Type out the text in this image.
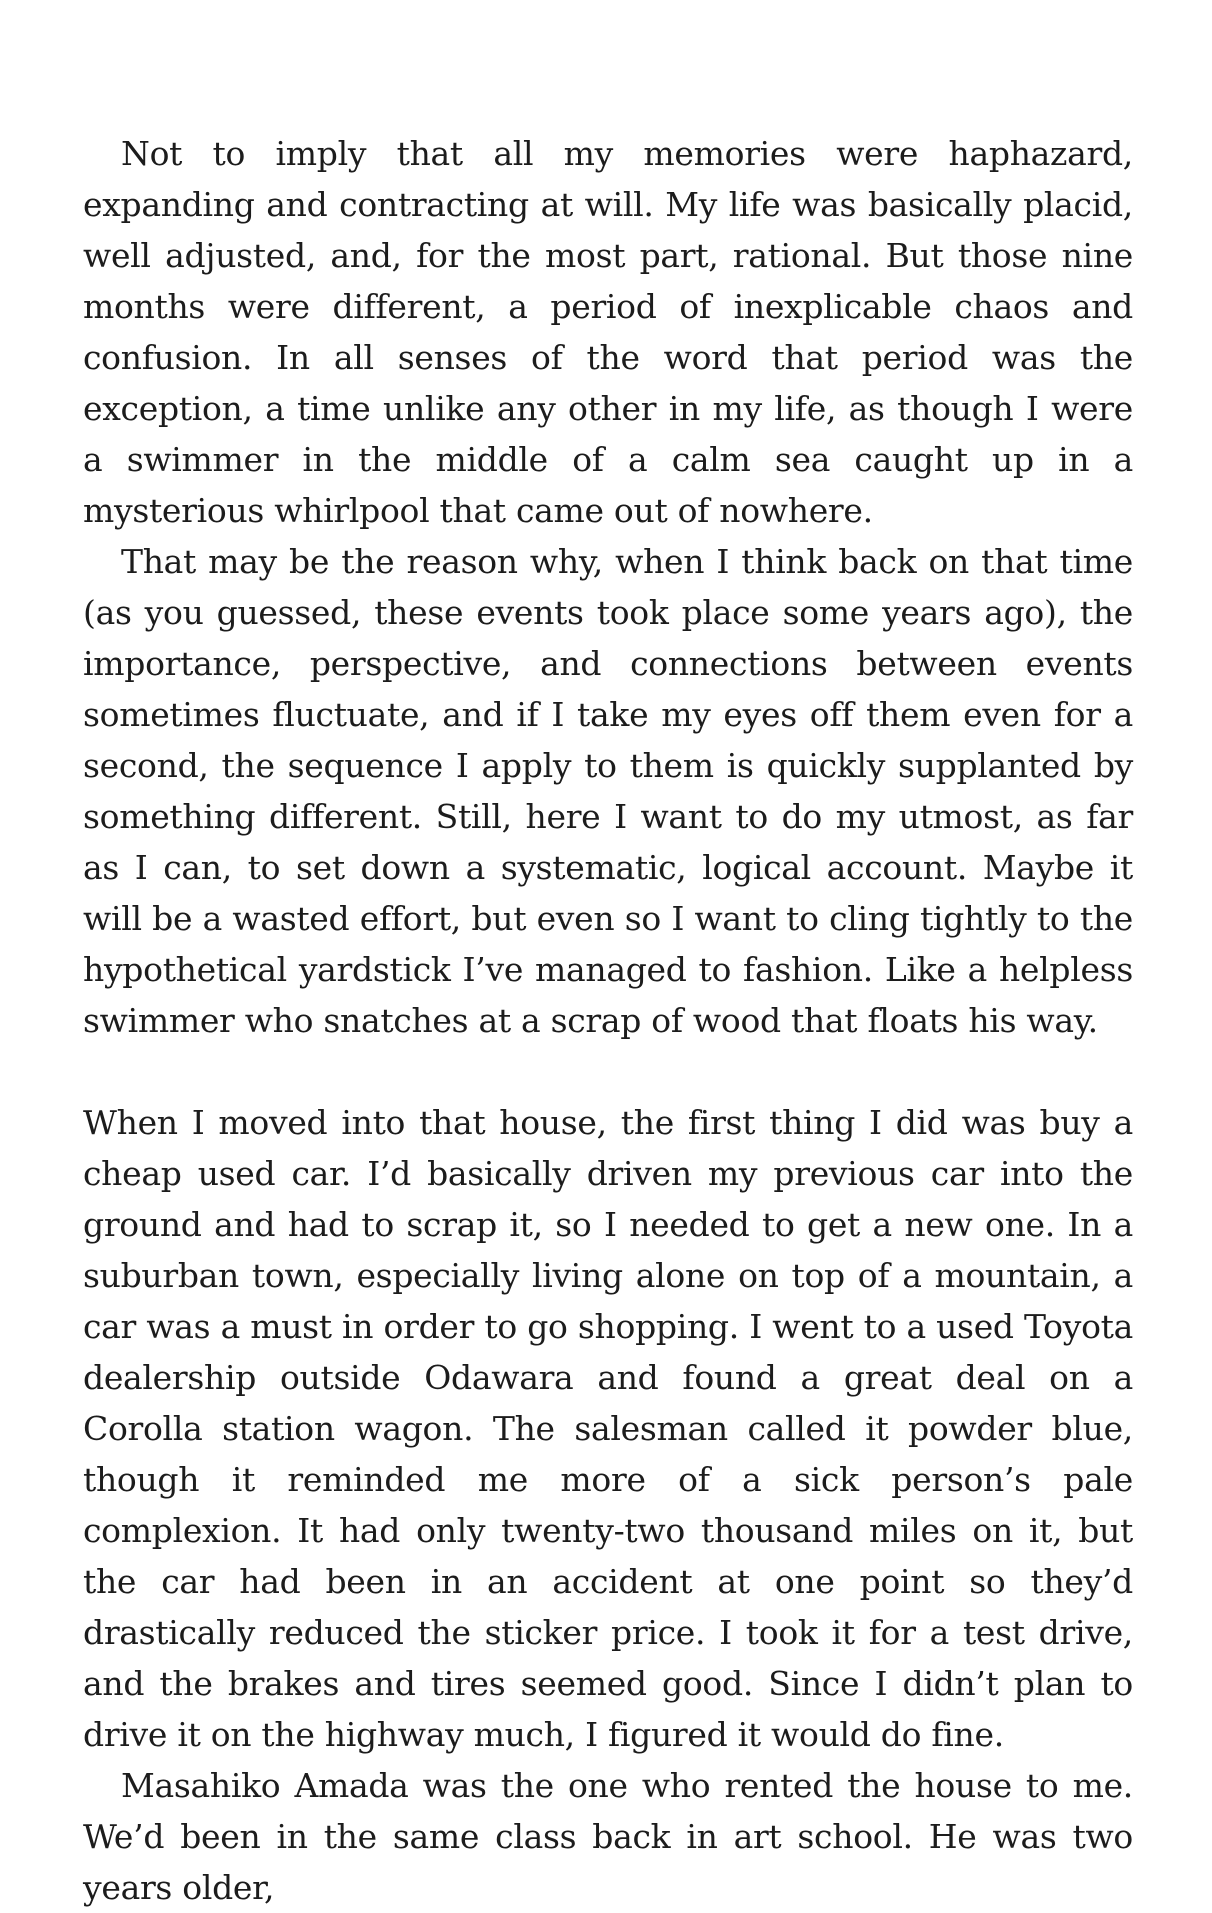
Not to imply that all my memories were haphazard, expanding and contracting at will. My life was basically placid, well adjusted, and, for the most part, rational. But those nine months were different, a period of inexplicable chaos and confusion. In all senses of the word that period was the exception, a time unlike any other in my life, as though I were a swimmer in the middle of a calm sea caught up in a mysterious whirlpool that came out of nowhere.

That may be the reason why, when I think back on that time (as you guessed, these events took place some years ago), the importance, perspective, and connections between events sometimes fluctuate, and if I take my eyes off them even for a second, the sequence I apply to them is quickly supplanted by something different. Still, here I want to do my utmost, as far as I can, to set down a systematic, logical account. Maybe it will be a wasted effort, but even so I want to cling tightly to the hypothetical yardstick I’ve managed to fashion. Like a helpless swimmer who snatches at a scrap of wood that floats his way.

When I moved into that house, the first thing I did was buy a cheap used car. I’d basically driven my previous car into the ground and had to scrap it, so I needed to get a new one. In a suburban town, especially living alone on top of a mountain, a car was a must in order to go shopping. I went to a used Toyota dealership outside Odawara and found a great deal on a Corolla station wagon. The salesman called it powder blue, though it reminded me more of a sick person’s pale complexion. It had only twenty-two thousand miles on it, but the car had been in an accident at one point so they’d drastically reduced the sticker price. I took it for a test drive, and the brakes and tires seemed good. Since I didn’t plan to drive it on the highway much, I figured it would do fine.

Masahiko Amada was the one who rented the house to me. We’d been in the same class back in art school. He was two years older,
